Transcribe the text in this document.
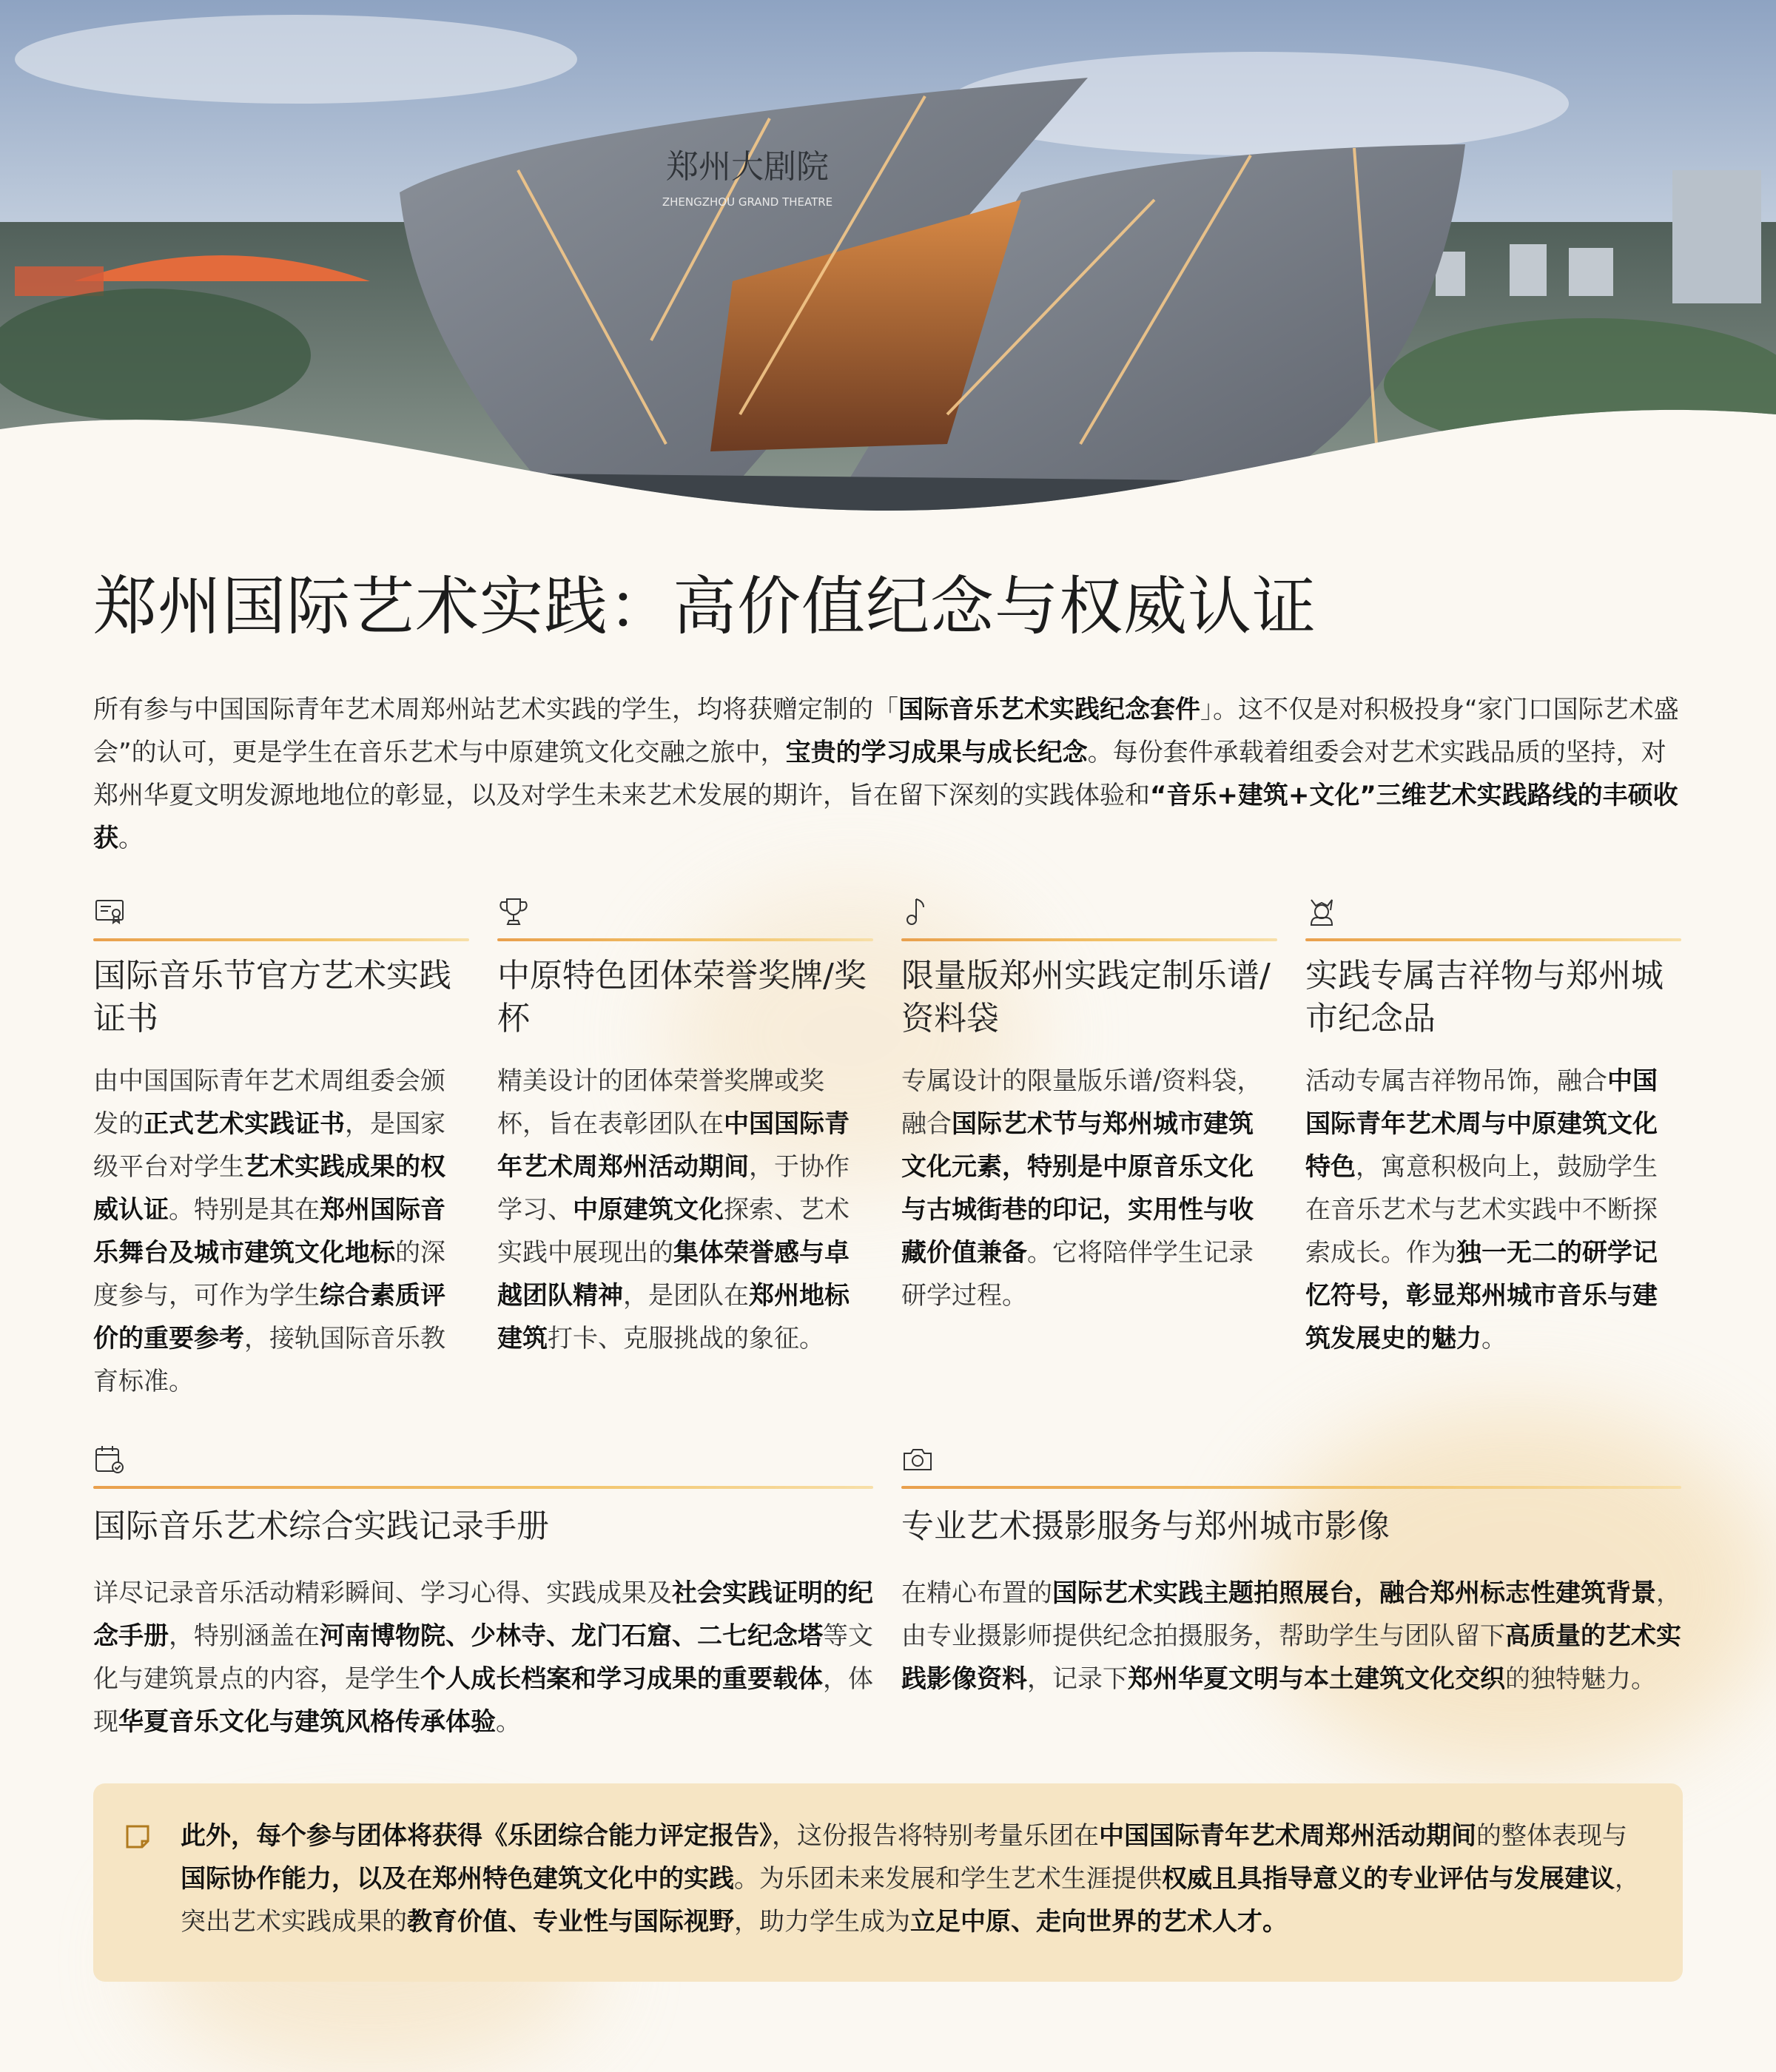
郑州大剧院
ZHENGZHOU GRAND THEATRE
郑州国际艺术实践：高价值纪念与权威认证
所有参与中国国际青年艺术周郑州站艺术实践的学生，均将获赠定制的「国际音乐艺术实践纪念套件」。这不仅是对积极投身“家门口国际艺术盛会”的认可，更是学生在音乐艺术与中原建筑文化交融之旅中，宝贵的学习成果与成长纪念。每份套件承载着组委会对艺术实践品质的坚持，对郑州华夏文明发源地地位的彰显，以及对学生未来艺术发展的期许，旨在留下深刻的实践体验和“音乐+建筑+文化”三维艺术实践路线的丰硕收获。
国际音乐节官方艺术实践证书
由中国国际青年艺术周组委会颁发的正式艺术实践证书，是国家级平台对学生艺术实践成果的权威认证。特别是其在郑州国际音乐舞台及城市建筑文化地标的深度参与，可作为学生综合素质评价的重要参考，接轨国际音乐教育标准。
中原特色团体荣誉奖牌/奖杯
精美设计的团体荣誉奖牌或奖杯，旨在表彰团队在中国国际青年艺术周郑州活动期间，于协作学习、中原建筑文化探索、艺术实践中展现出的集体荣誉感与卓越团队精神，是团队在郑州地标建筑打卡、克服挑战的象征。
限量版郑州实践定制乐谱/资料袋
专属设计的限量版乐谱/资料袋，融合国际艺术节与郑州城市建筑文化元素，特别是中原音乐文化与古城街巷的印记，实用性与收藏价值兼备。它将陪伴学生记录研学过程。
实践专属吉祥物与郑州城市纪念品
活动专属吉祥物吊饰，融合中国国际青年艺术周与中原建筑文化特色，寓意积极向上，鼓励学生在音乐艺术与艺术实践中不断探索成长。作为独一无二的研学记忆符号，彰显郑州城市音乐与建筑发展史的魅力。
国际音乐艺术综合实践记录手册
详尽记录音乐活动精彩瞬间、学习心得、实践成果及社会实践证明的纪念手册，特别涵盖在河南博物院、少林寺、龙门石窟、二七纪念塔等文化与建筑景点的内容，是学生个人成长档案和学习成果的重要载体，体现华夏音乐文化与建筑风格传承体验。
专业艺术摄影服务与郑州城市影像
在精心布置的国际艺术实践主题拍照展台，融合郑州标志性建筑背景，由专业摄影师提供纪念拍摄服务，帮助学生与团队留下高质量的艺术实践影像资料，记录下郑州华夏文明与本土建筑文化交织的独特魅力。
此外，每个参与团体将获得《乐团综合能力评定报告》，这份报告将特别考量乐团在中国国际青年艺术周郑州活动期间的整体表现与国际协作能力，以及在郑州特色建筑文化中的实践。为乐团未来发展和学生艺术生涯提供权威且具指导意义的专业评估与发展建议，突出艺术实践成果的教育价值、专业性与国际视野，助力学生成为立足中原、走向世界的艺术人才。
